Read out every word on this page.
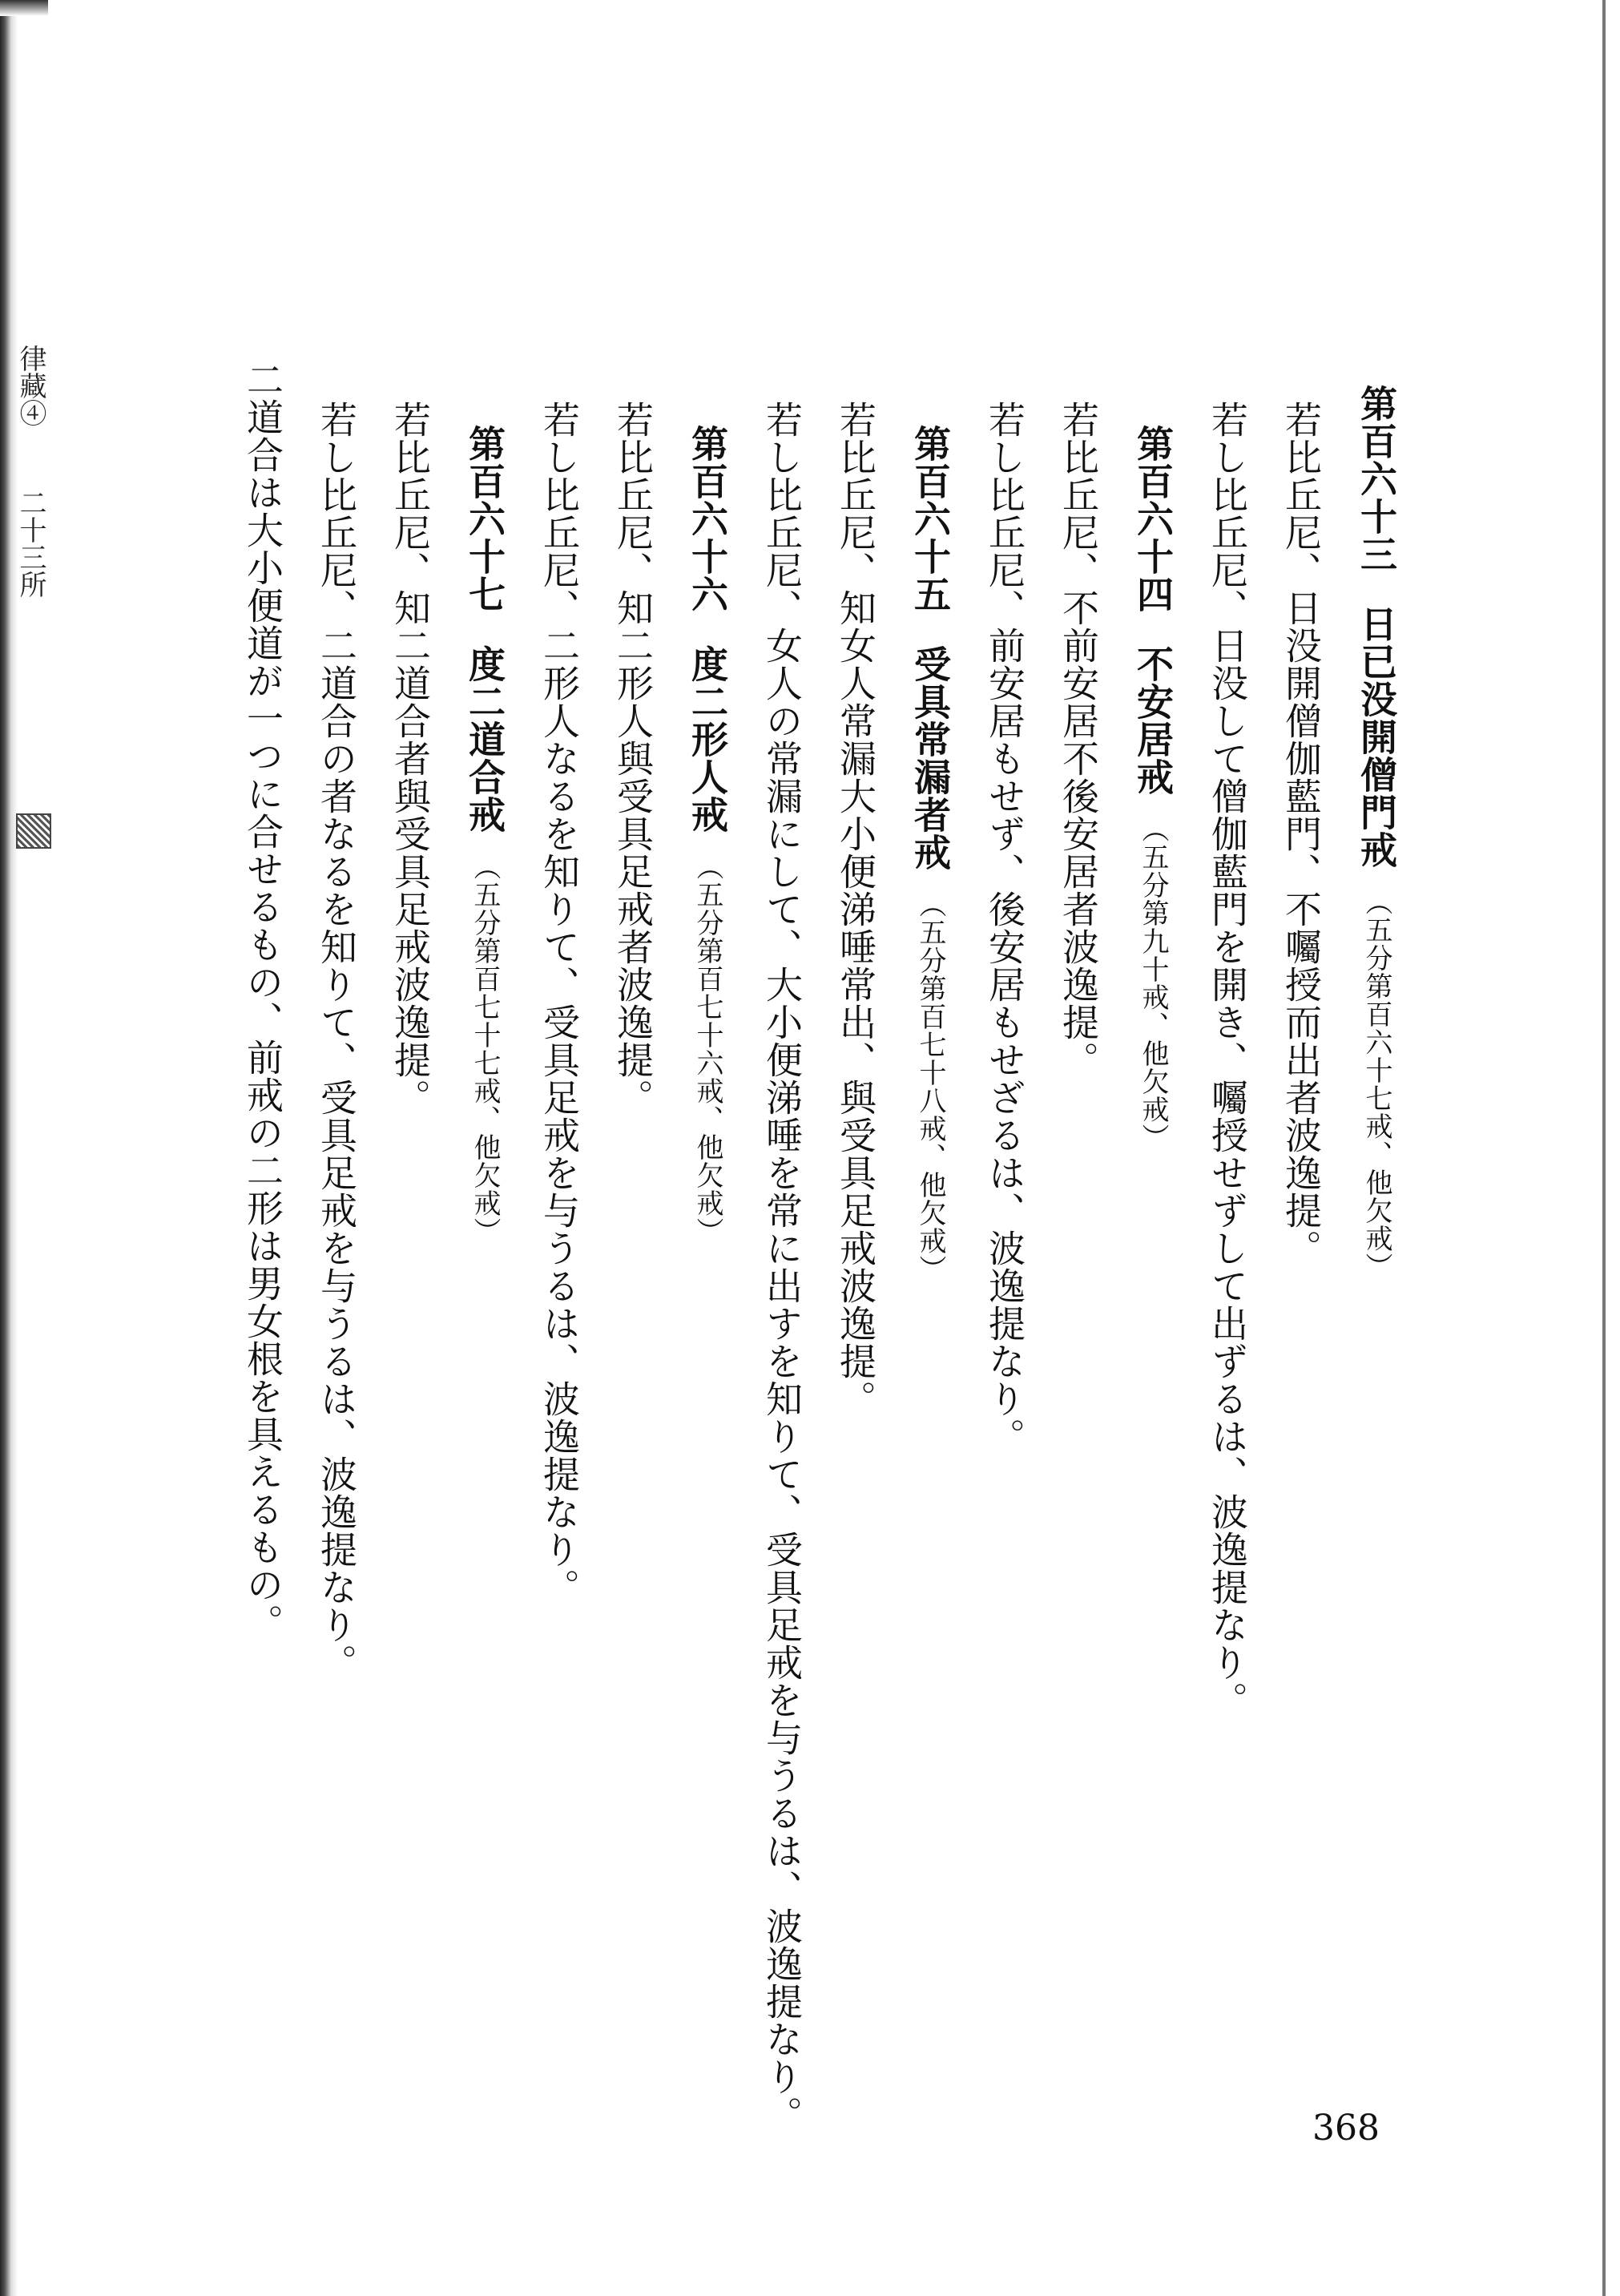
律藏④
二十三所	第百六十三日已没開僧門戒（五分第百六十七戒、他欠戒）
若比丘尼、日没開僧伽藍門、不囑授而出者波逸提。
若し比丘尼、日没して僧伽藍門を開き、囑授せずして出ずるは、波逸提なり。
第百六十四不安居戒（五分第九十戒、他欠戒）
若比丘尼、不前安居不後安居者波逸提。
若し比丘尼、前安居もせず、後安居もせざるは、波逸提なり。
第百六十五受具常漏者戒（五分第百七十八戒、他欠戒）
若比丘尼、知女人常漏大小便涕唾常出、與受具足戒波逸提。
若し比丘尼、女人の常漏にして、大小便涕唾を常に出すを知りて、受具足戒を与うるは、波逸提なり。
第百六十六度二形人戒（五分第百七十六戒、他欠戒）
若比丘尼、知二形人與受具足戒者波逸提。
若し比丘尼、二形人なるを知りて、受具足戒を与うるは、波逸提なり。
第百六十七度二道合戒（五分第百七十七戒、他欠戒）
若比丘尼、知二道合者與受具足戒波逸提。
若し比丘尼、二道合の者なるを知りて、受具足戒を与うるは、波逸提なり。
二道合は大小便道が一つに合せるもの、前戒の二形は男女根を具えるもの。
368
